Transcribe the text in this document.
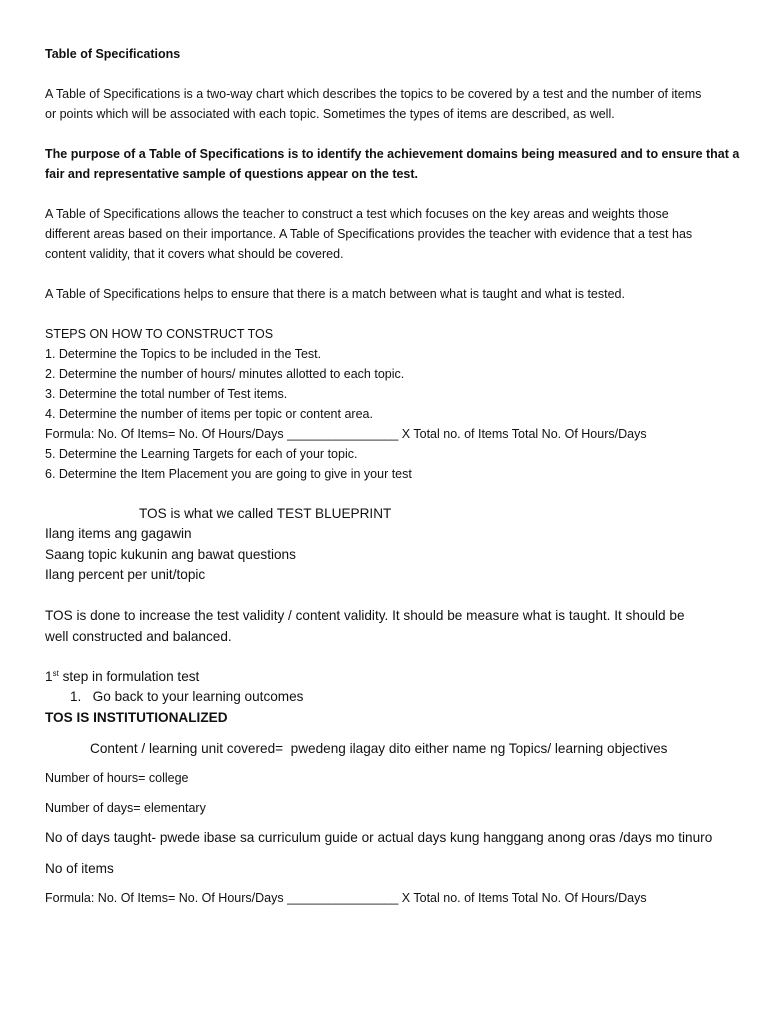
Table of Specifications

A Table of Specifications is a two-way chart which describes the topics to be covered by a test and the number of items

or points which will be associated with each topic. Sometimes the types of items are described, as well.

The purpose of a Table of Specifications is to identify the achievement domains being measured and to ensure that a

fair and representative sample of questions appear on the test.

A Table of Specifications allows the teacher to construct a test which focuses on the key areas and weights those

different areas based on their importance. A Table of Specifications provides the teacher with evidence that a test has

content validity, that it covers what should be covered.

A Table of Specifications helps to ensure that there is a match between what is taught and what is tested.

STEPS ON HOW TO CONSTRUCT TOS

1. Determine the Topics to be included in the Test.

2. Determine the number of hours/ minutes allotted to each topic.

3. Determine the total number of Test items.

4. Determine the number of items per topic or content area.

Formula: No. Of Items= No. Of Hours/Days ________________ X Total no. of Items Total No. Of Hours/Days

5. Determine the Learning Targets for each of your topic.

6. Determine the Item Placement you are going to give in your test

TOS is what we called TEST BLUEPRINT

Ilang items ang gagawin

Saang topic kukunin ang bawat questions

Ilang percent per unit/topic

TOS is done to increase the test validity / content validity. It should be measure what is taught. It should be

well constructed and balanced.

1st step in formulation test

1.   Go back to your learning outcomes

TOS IS INSTITUTIONALIZED

Content / learning unit covered=  pwedeng ilagay dito either name ng Topics/ learning objectives

Number of hours= college

Number of days= elementary

No of days taught- pwede ibase sa curriculum guide or actual days kung hanggang anong oras /days mo tinuro

No of items

Formula: No. Of Items= No. Of Hours/Days ________________ X Total no. of Items Total No. Of Hours/Days
